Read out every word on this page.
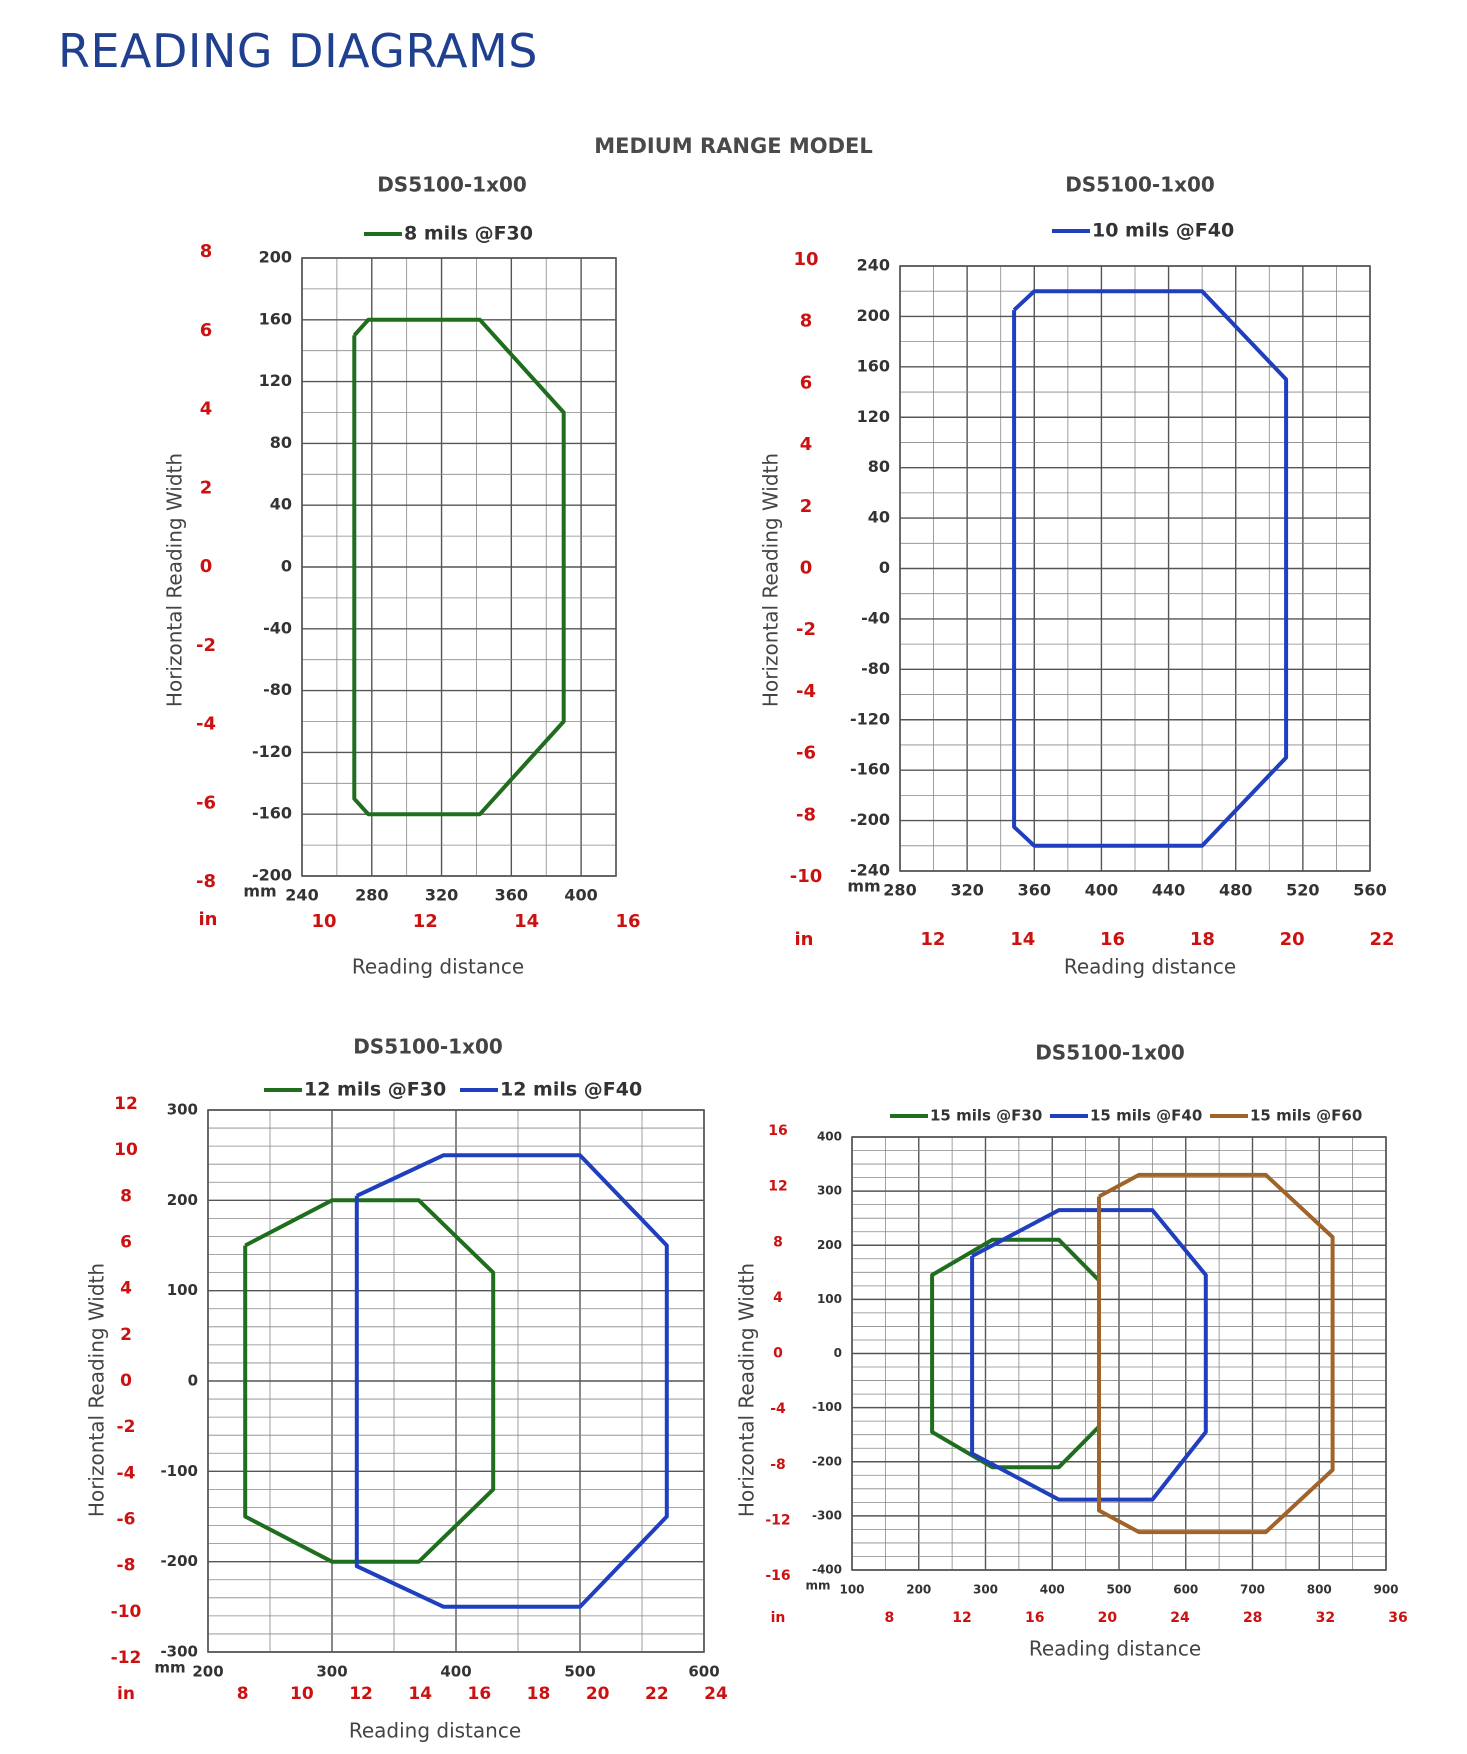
READING DIAGRAMS
MEDIUM RANGE MODEL
200
160
120
80
40
0
-40
-80
-120
-160
-200
240 280 320 360 400
mm
8
6
4
2
0
-2
-4
-6
-8
10	12	14	16
in
Horizontal Reading Width
Reading distance
DS5100-1x00
8 mils @F30
240
200
160
120
80
40
0
-40
-80
-120
-160
-200
-240
280 320 360 400 440 480 520 560
mm
10
8
6
4
2
0
-2
-4
-6
-8
-10
12	14	16	18	20	22
in
Horizontal Reading Width
Reading distance
DS5100-1x00
10 mils @F40
300
200
100
0
-100
-200
-300
200	300	400	500	600
mm
12
10
8
6
4
2
0
-2
-4
-6
-8
-10
-12
8 10 12 14 16 18 20 22 24
in
Horizontal Reading Width
Reading distance
DS5100-1x00
12 mils @F30	12 mils @F40
400
300
200
100
0
-100
-200
-300
-400
100	200	300	400	500	600	700	800	900
mm
16
12
8
4
0
-4
-8
-12
-16
8	12	16	20	24	28	32	36
in
Horizontal Reading Width
Reading distance
DS5100-1x00
15 mils @F30	15 mils @F40	15 mils @F60
